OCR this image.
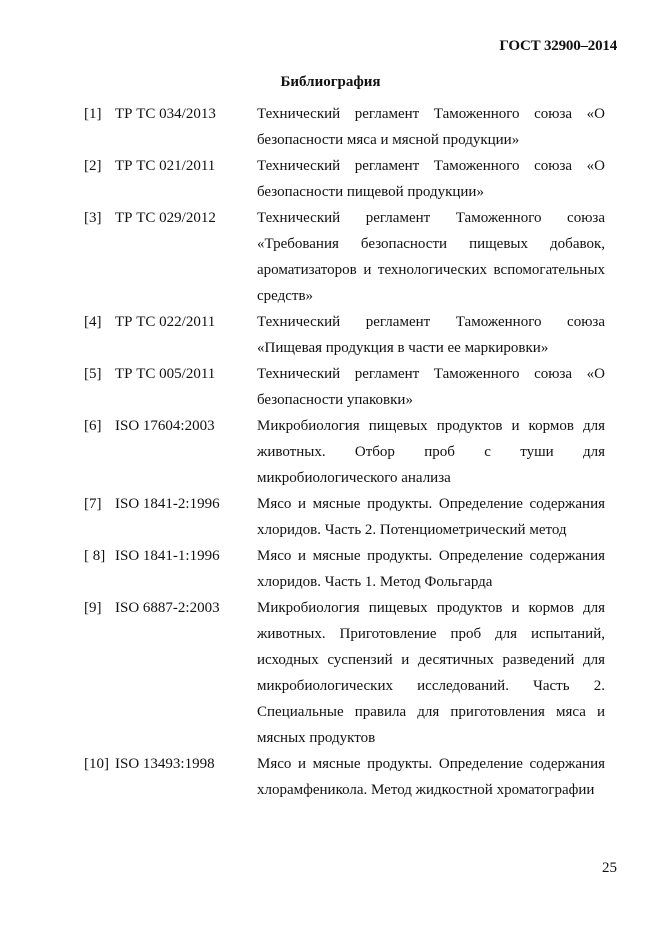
ГОСТ 32900–2014
Библиография
[1] ТР ТС 034/2013	Технический регламент Таможенного союза «О безопасности мяса и мясной продукции»
[2] ТР ТС 021/2011	Технический регламент Таможенного союза «О безопасности пищевой продукции»
[3] ТР ТС 029/2012	Технический регламент Таможенного союза «Требования безопасности пищевых добавок, ароматизаторов и технологических вспомогательных средств»
[4] ТР ТС 022/2011	Технический регламент Таможенного союза «Пищевая продукция в части ее маркировки»
[5] ТР ТС 005/2011	Технический регламент Таможенного союза «О безопасности упаковки»
[6] ISO 17604:2003	Микробиология пищевых продуктов и кормов для животных. Отбор проб с туши для микробиологического анализа
[7] ISO 1841-2:1996	Мясо и мясные продукты. Определение содержания хлоридов. Часть 2. Потенциометрический метод
[ 8] ISO 1841-1:1996	Мясо и мясные продукты. Определение содержания хлоридов. Часть 1. Метод Фольгарда
[9] ISO 6887-2:2003	Микробиология пищевых продуктов и кормов для животных. Приготовление проб для испытаний, исходных суспензий и десятичных разведений для микробиологических исследований. Часть 2. Специальные правила для приготовления мяса и мясных продуктов
[10] ISO 13493:1998	Мясо и мясные продукты. Определение содержания хлорамфеникола. Метод жидкостной хроматографии
25
